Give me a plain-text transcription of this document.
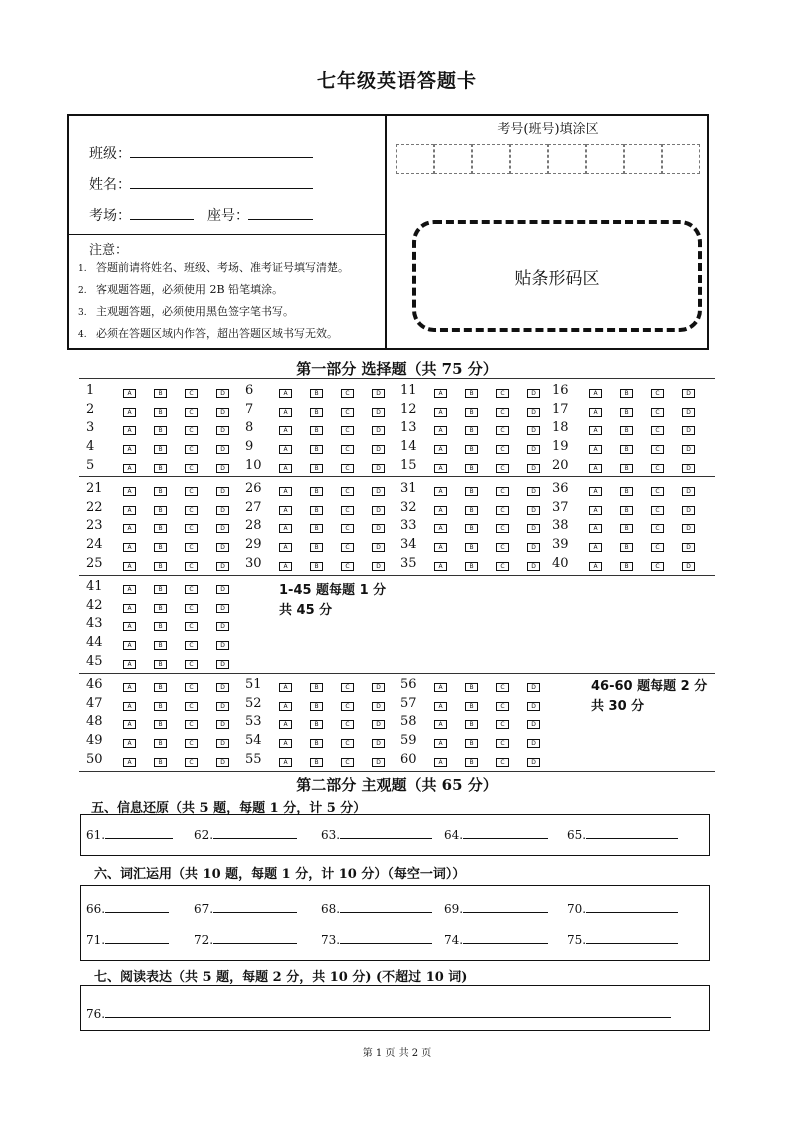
七年级英语答题卡
班级：
姓名：
考场：	座号：
注意：
1. 答题前请将姓名、班级、考场、准考证号填写清楚。
2. 客观题答题，必须使用 2B 铅笔填涂。
3. 主观题答题，必须使用黑色签字笔书写。
4. 必须在答题区域内作答，超出答题区域书写无效。
考号(班号)填涂区
贴条形码区
第一部分 选择题（共 75 分）
1	A	B	C	D
2	A	B	C	D
3	A	B	C	D
4	A	B	C	D
5	A	B	C	D
6	A	B	C	D
7	A	B	C	D
8	A	B	C	D
9	A	B	C	D
10	A	B	C	D
11	A	B	C	D
12	A	B	C	D
13	A	B	C	D
14	A	B	C	D
15	A	B	C	D
16	A	B	C	D
17	A	B	C	D
18	A	B	C	D
19	A	B	C	D
20	A	B	C	D
21	A	B	C	D
22	A	B	C	D
23	A	B	C	D
24	A	B	C	D
25	A	B	C	D
26	A	B	C	D
27	A	B	C	D
28	A	B	C	D
29	A	B	C	D
30	A	B	C	D
31	A	B	C	D
32	A	B	C	D
33	A	B	C	D
34	A	B	C	D
35	A	B	C	D
36	A	B	C	D
37	A	B	C	D
38	A	B	C	D
39	A	B	C	D
40	A	B	C	D
41	A	B	C	D
42	A	B	C	D
43	A	B	C	D
44	A	B	C	D
45	A	B	C	D
46	A	B	C	D
47	A	B	C	D
48	A	B	C	D
49	A	B	C	D
50	A	B	C	D
51	A	B	C	D
52	A	B	C	D
53	A	B	C	D
54	A	B	C	D
55	A	B	C	D
56	A	B	C	D
57	A	B	C	D
58	A	B	C	D
59	A	B	C	D
60	A	B	C	D
1-45 题每题 1 分
共 45 分
46-60 题每题 2 分
共 30 分
第二部分 主观题（共 65 分）
五、信息还原（共 5 题，每题 1 分，计 5 分）
61.	62.	63.	64.	65.
六、词汇运用（共 10 题，每题 1 分，计 10 分）（每空一词））
66.	67.	68.	69.	70.
71.	72.	73.	74.	75.
七、阅读表达（共 5 题，每题 2 分，共 10 分) (不超过 10 词)
76.
第 1 页 共 2 页
